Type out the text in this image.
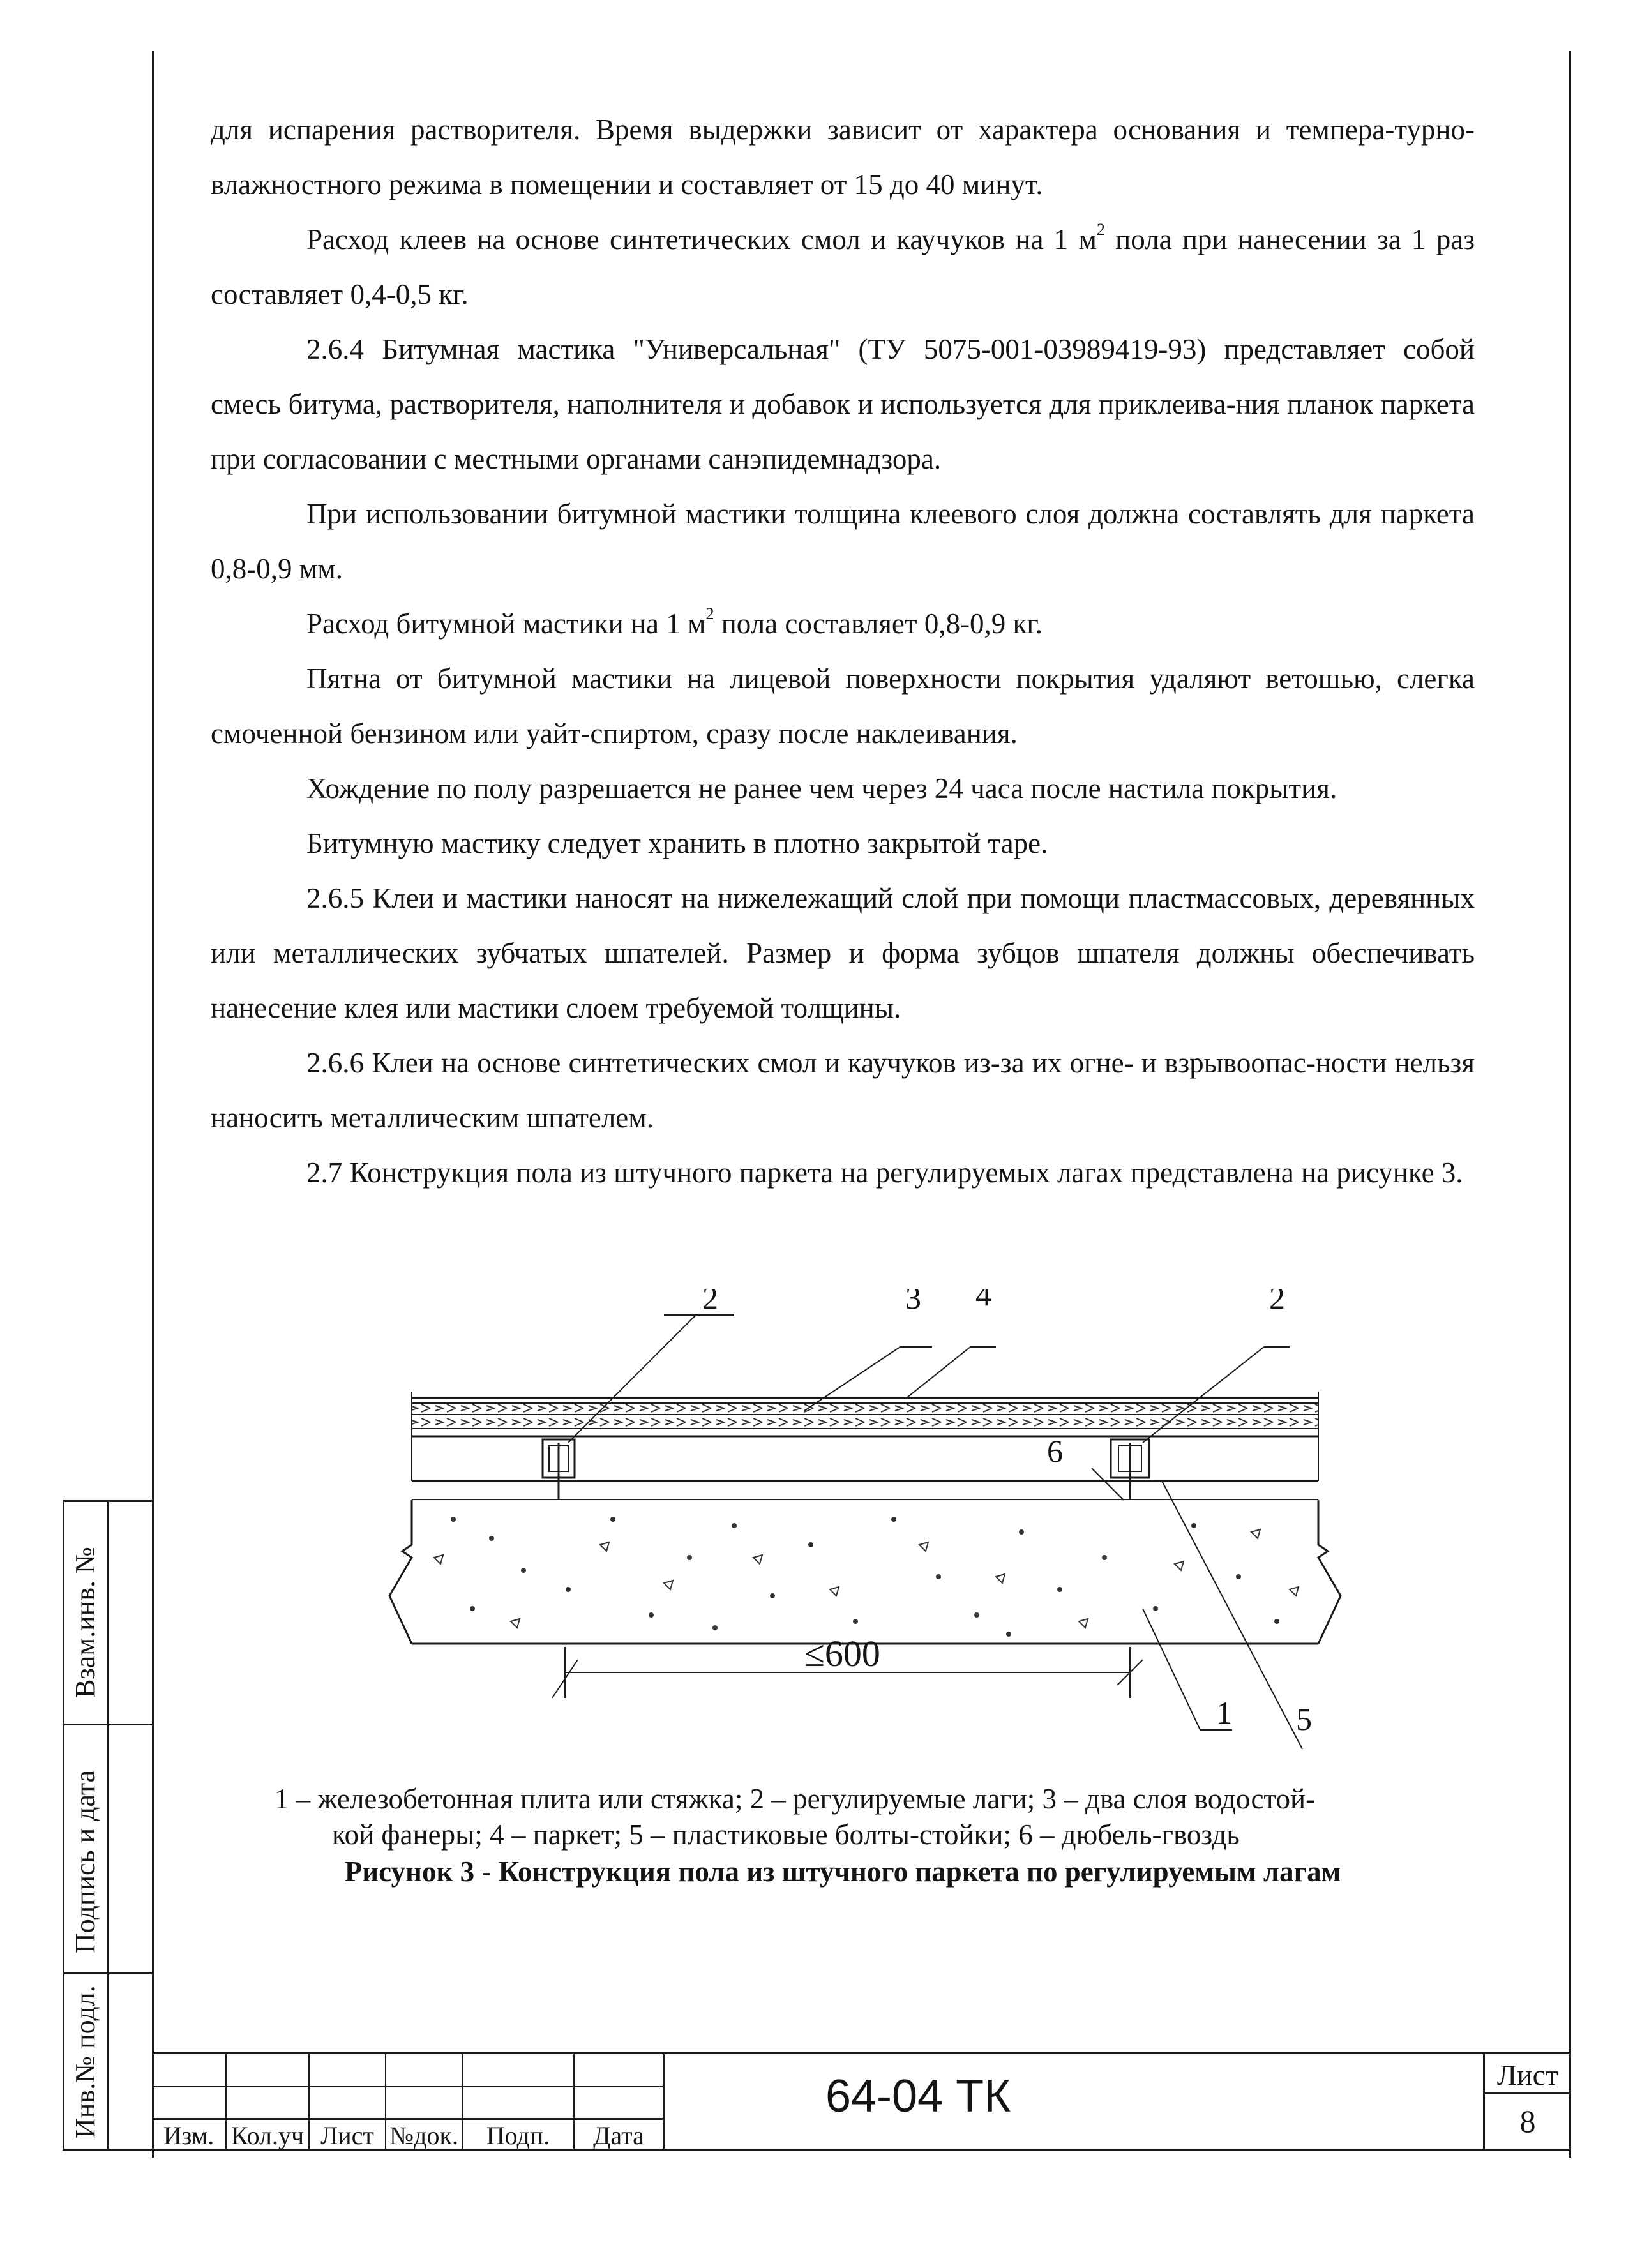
для испарения растворителя. Время выдержки зависит от характера основания и темпера-турно-влажностного режима в помещении и составляет от 15 до 40 минут.

Расход клеев на основе синтетических смол и каучуков на 1 $м^2$ пола при нанесении за 1 раз составляет 0,4-0,5 кг.

2.6.4 Битумная мастика "Универсальная" (ТУ 5075-001-03989419-93) представляет собой смесь битума, растворителя, наполнителя и добавок и используется для приклеива-ния планок паркета при согласовании с местными органами санэпидемнадзора.

При использовании битумной мастики толщина клеевого слоя должна составлять для паркета 0,8-0,9 мм.

Расход битумной мастики на 1 $м^2$ пола составляет 0,8-0,9 кг.

Пятна от битумной мастики на лицевой поверхности покрытия удаляют ветошью, слегка смоченной бензином или уайт-спиртом, сразу после наклеивания.

Хождение по полу разрешается не ранее чем через 24 часа после настила покрытия.

Битумную мастику следует хранить в плотно закрытой таре.

2.6.5 Клеи и мастики наносят на нижележащий слой при помощи пластмассовых, деревянных или металлических зубчатых шпателей. Размер и форма зубцов шпателя должны обеспечивать нанесение клея или мастики слоем требуемой толщины.

2.6.6 Клеи на основе синтетических смол и каучуков из-за их огне- и взрывоопас-ности нельзя наносить металлическим шпателем.

2.7 Конструкция пола из штучного паркета на регулируемых лагах представлена на рисунке 3.

2	3 4	2
6
1 5
≤600
1 – железобетонная плита или стяжка; 2 – регулируемые лаги; 3 – два слоя водостой-
кой фанеры; 4 – паркет; 5 – пластиковые болты-стойки; 6 – дюбель-гвоздь
Рисунок 3 - Конструкция пола из штучного паркета по регулируемым лагам
Взам.инв. №
Подпись и дата
Инв.№ подл.	Изм. Кол.уч Лист №док.	Подп.	Дата
64-04 ТК	Лист
8
